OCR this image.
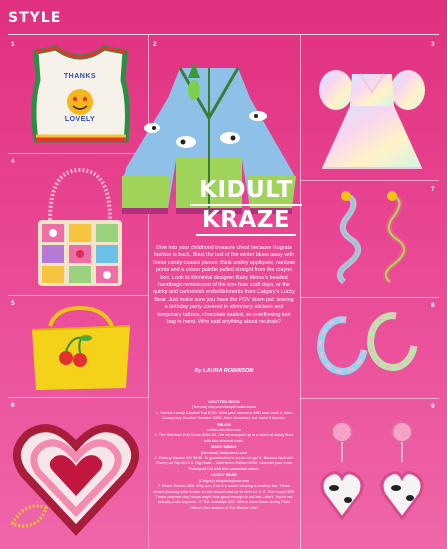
STYLE
1	2	3
4
5
6
7
8
9
THANKS
LOVELY
KIDULT
KRAZE
Dive into your childhood treasure chest because Rugrats fashion is back. Blast the last of the winter blues away with these candy-coated pieces: think smiley appliqués, rainbow prints and a colour palette pulled straight from the crayon box. Look to Montréal designer Baby Minou's beaded handbags reminiscent of the iron-fuse craft days, or the quirky and cartoonish embellishments from Calgary's Lucky Bear. Just make sure you have the POV down pat: leaving a birthday party covered in shimmery stickers and temporary tattoos, chocolate sealed, an overflowing loot bag in hand. Who said anything about neutrals?
By LAURA ROBINSON
KNOTTED NEON
(Toronto) etsy.com/shop/Knottedneon
1. Thanks Lovely Crochet Top $130. Mind your manners AND look cool! 2. Alien Conspiracy Crochet Sweater $200. Alien abduction, but make it fashion.
SELKIE
selkiecollection.com
3. The Rainbow Puff Dress $360.00. Get all wrapped up in a cloud of candy floss with this ethereal frock.
BABY MINOU
(Montreal) babyminou.com
4. Granny Square OG $190. To grandmother's house we go! 5. Banana Split with Cherry on Top $170 6. Big Heart – Valentine's Edition $260. Channel your inner Powerpuff Girl with this cartoonish clutch.
LUCKY BEAR
(Calgary) shopluckybear.com
7. Bham Snakes $28. Why yes, that is a snake wearing a cowboy hat. These crowd-pleasing coils border on the absurd and we're here for it. 8. The Hoops $25. These polymer clay hoops might look good enough to eat but—don't. You're not actually a kid anymore. 9. The Jookalips $32. Where were these during Paris Hilton's first season of The Simple Life?
